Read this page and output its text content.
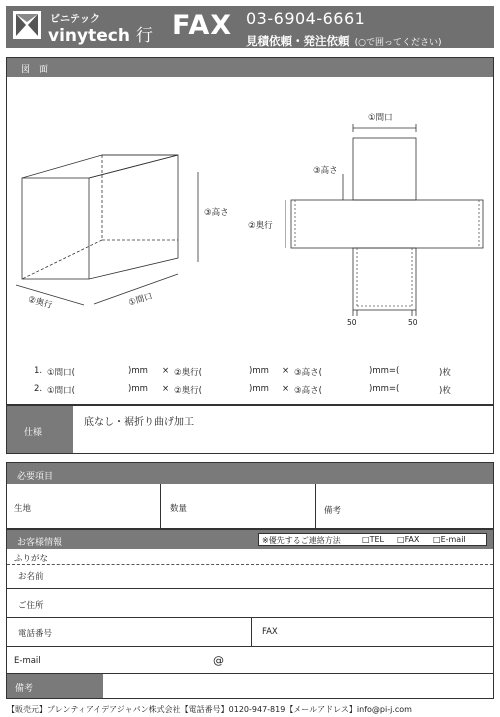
ビニテック
vinytech 行 FAX 03-6904-6661
見積依頼・発注依頼 (○で囲ってください)
図　面
②奥行	①間口
③高さ
①間口
③高さ
②奥行
50	50
1. ①間口(	)mm × ②奥行(	)mm × ③高さ(	)mm=(	)枚
2. ①間口(	)mm × ②奥行(	)mm × ③高さ(	)mm=(	)枚
仕様
底なし・裾折り曲げ加工
必要項目
生地	数量	備考
お客様情報	※優先するご連絡方法	□TEL □FAX □E-mail
ふりがな
お名前
ご住所
電話番号	FAX
E-mail	@
備考
【販売元】プレンティアイデアジャパン株式会社【電話番号】0120-947-819【メールアドレス】info@pi-j.com
